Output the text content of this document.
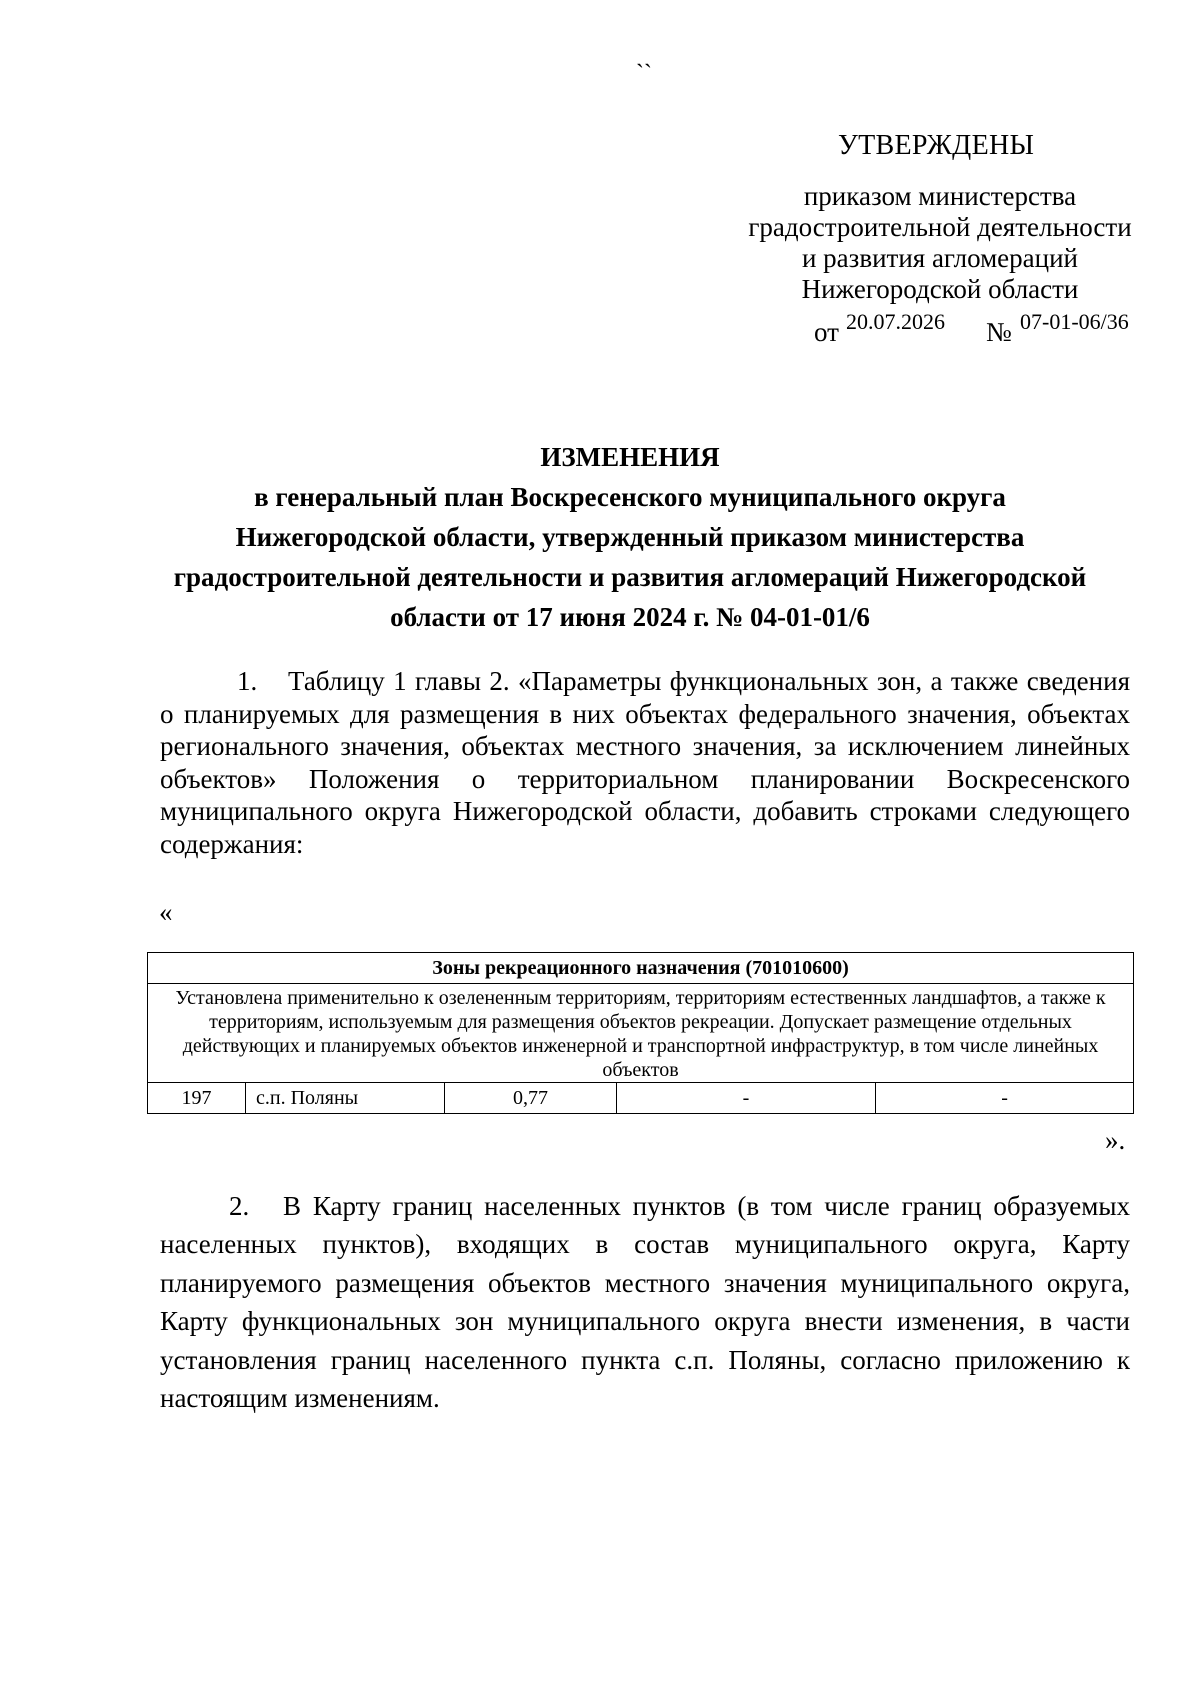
``
УТВЕРЖДЕНЫ
приказом министерства
градостроительной деятельности
и развития агломераций
Нижегородской области
от 20.07.2026 № 07-01-06/36
ИЗМЕНЕНИЯ
в генеральный план Воскресенского муниципального округа
Нижегородской области, утвержденный приказом министерства
градостроительной деятельности и развития агломераций Нижегородской
области от 17 июня 2024 г. № 04-01-01/6
1. Таблицу 1 главы 2. «Параметры функциональных зон, а также сведения о планируемых для размещения в них объектах федерального значения, объектах регионального значения, объектах местного значения, за исключением линейных объектов» Положения о территориальном планировании Воскресенского муниципального округа Нижегородской области, добавить строками следующего содержания:
«
Зоны рекреационного назначения (701010600)
Установлена применительно к озелененным территориям, территориям естественных ландшафтов, а также к территориям, используемым для размещения объектов рекреации. Допускает размещение отдельных действующих и планируемых объектов инженерной и транспортной инфраструктур, в том числе линейных объектов
197	с.п. Поляны	0,77	-	-
».
2. В Карту границ населенных пунктов (в том числе границ образуемых населенных пунктов), входящих в состав муниципального округа, Карту планируемого размещения объектов местного значения муниципального округа, Карту функциональных зон муниципального округа внести изменения, в части установления границ населенного пункта с.п. Поляны, согласно приложению к настоящим изменениям.
